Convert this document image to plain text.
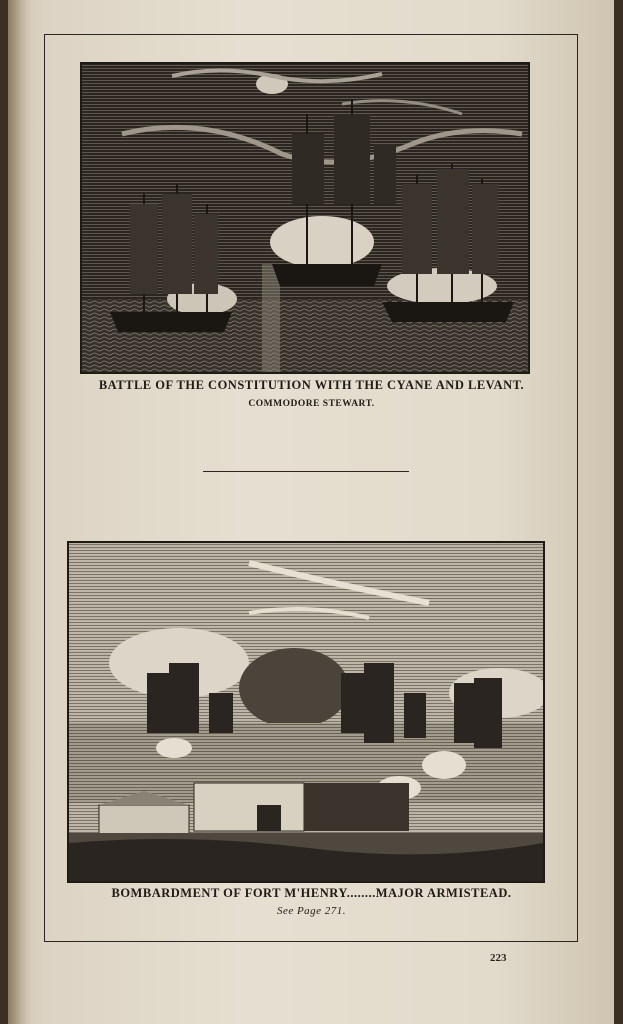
BATTLE OF THE CONSTITUTION WITH THE CYANE AND LEVANT.
COMMODORE STEWART.
BOMBARDMENT OF FORT M'HENRY........MAJOR ARMISTEAD.
See Page 271.
223
